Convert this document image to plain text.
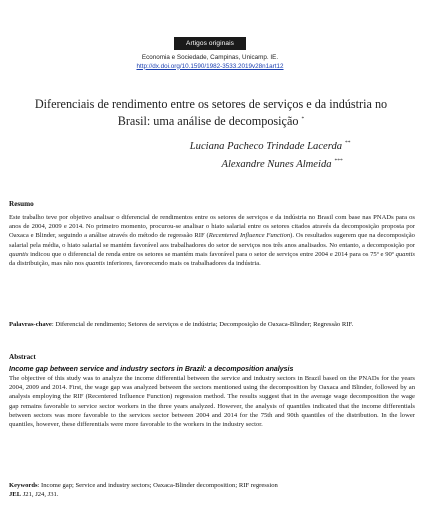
Artigos originais
Economia e Sociedade, Campinas, Unicamp. IE.
http://dx.doi.org/10.1590/1982-3533.2019v28n1art12
Diferenciais de rendimento entre os setores de serviços e da indústria no
Brasil: uma análise de decomposição *
Luciana Pacheco Trindade Lacerda **
Alexandre Nunes Almeida ***
Resumo
Este trabalho teve por objetivo analisar o diferencial de rendimentos entre os setores de serviços e da indústria no Brasil com base nas PNADs para os anos de 2004, 2009 e 2014. No primeiro momento, procurou-se analisar o hiato salarial entre os setores citados através da decomposição proposta por Oaxaca e Blinder, seguindo a análise através do método de regressão RIF (Recentered Influence Function). Os resultados sugerem que na decomposição salarial pela média, o hiato salarial se mantém favorável aos trabalhadores do setor de serviços nos três anos analisados. No entanto, a decomposição por quantis indicou que o diferencial de renda entre os setores se mantém mais favorável para o setor de serviços entre 2004 e 2014 para os 75º e 90º quantis da distribuição, mas não nos quantis inferiores, favorecendo mais os trabalhadores da indústria.
Palavras-chave: Diferencial de rendimento; Setores de serviços e de indústria; Decomposição de Oaxaca-Blinder; Regressão RIF.
Abstract
Income gap between service and industry sectors in Brazil: a decomposition analysis
The objective of this study was to analyze the income differential between the service and industry sectors in Brazil based on the PNADs for the years 2004, 2009 and 2014. First, the wage gap was analyzed between the sectors mentioned using the decomposition by Oaxaca and Blinder, followed by an analysis employing the RIF (Recentered Influence Function) regression method. The results suggest that in the average wage decomposition the wage gap remains favorable to service sector workers in the three years analyzed. However, the analysis of quantiles indicated that the income differentials between sectors was more favorable to the services sector between 2004 and 2014 for the 75th and 90th quantiles of the distribution. In the lower quantiles, however, these differentials were more favorable to the workers in the industry sector.
Keywords: Income gap; Service and industry sectors; Oaxaca-Blinder decomposition; RIF regression
JEL J21, J24, J31.
